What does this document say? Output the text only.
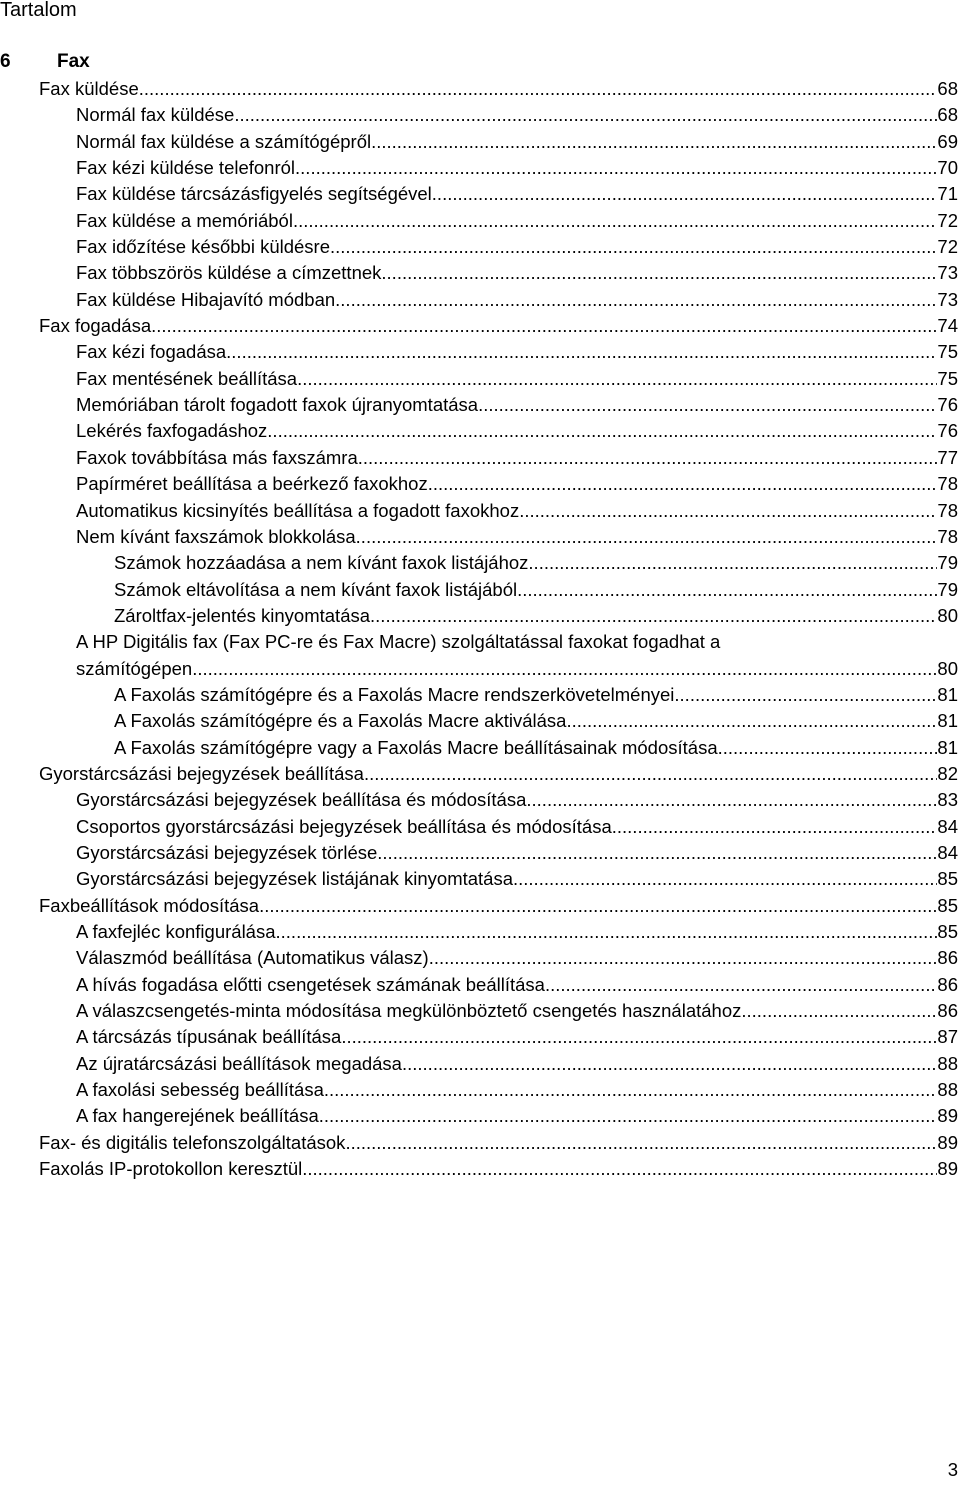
Tartalom
6 Fax
Fax küldése .....	68
Normál fax küldése .....	68
Normál fax küldése a számítógépről .....	69
Fax kézi küldése telefonról .....	70
Fax küldése tárcsázásfigyelés segítségével .....	71
Fax küldése a memóriából .....	72
Fax időzítése későbbi küldésre .....	72
Fax többszörös küldése a címzettnek .....	73
Fax küldése Hibajavító módban .....	73
Fax fogadása .....	74
Fax kézi fogadása .....	75
Fax mentésének beállítása .....	75
Memóriában tárolt fogadott faxok újranyomtatása .....	76
Lekérés faxfogadáshoz .....	76
Faxok továbbítása más faxszámra .....	77
Papírméret beállítása a beérkező faxokhoz .....	78
Automatikus kicsinyítés beállítása a fogadott faxokhoz .....	78
Nem kívánt faxszámok blokkolása .....	78
Számok hozzáadása a nem kívánt faxok listájához .....	79
Számok eltávolítása a nem kívánt faxok listájából .....	79
Zároltfax-jelentés kinyomtatása .....	80
A HP Digitális fax (Fax PC-re és Fax Macre) szolgáltatással faxokat fogadhat a
számítógépen .....	80
A Faxolás számítógépre és a Faxolás Macre rendszerkövetelményei .....	81
A Faxolás számítógépre és a Faxolás Macre aktiválása .....	81
A Faxolás számítógépre vagy a Faxolás Macre beállításainak módosítása .....	81
Gyorstárcsázási bejegyzések beállítása .....	82
Gyorstárcsázási bejegyzések beállítása és módosítása .....	83
Csoportos gyorstárcsázási bejegyzések beállítása és módosítása .....	84
Gyorstárcsázási bejegyzések törlése .....	84
Gyorstárcsázási bejegyzések listájának kinyomtatása .....	85
Faxbeállítások módosítása .....	85
A faxfejléc konfigurálása .....	85
Válaszmód beállítása (Automatikus válasz) .....	86
A hívás fogadása előtti csengetések számának beállítása .....	86
A válaszcsengetés-minta módosítása megkülönböztető csengetés használatához .....	86
A tárcsázás típusának beállítása .....	87
Az újratárcsázási beállítások megadása .....	88
A faxolási sebesség beállítása .....	88
A fax hangerejének beállítása .....	89
Fax- és digitális telefonszolgáltatások .....	89
Faxolás IP-protokollon keresztül .....	89
3
